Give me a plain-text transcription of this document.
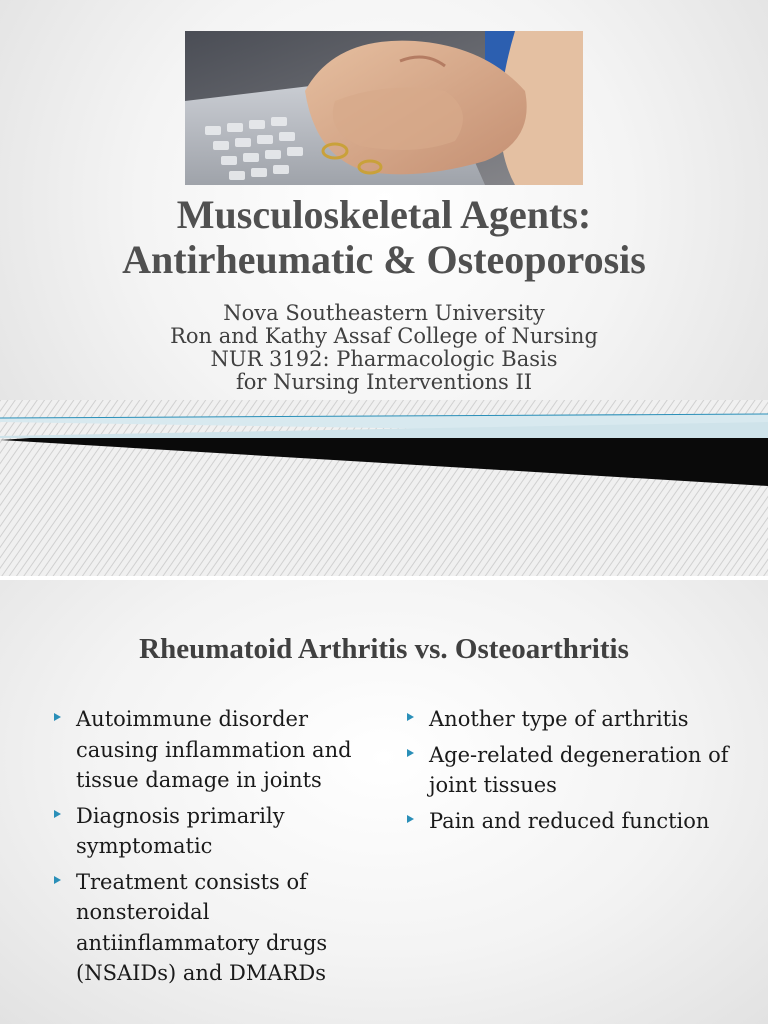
Musculoskeletal Agents:
Antirheumatic & Osteoporosis
Nova Southeastern University
Ron and Kathy Assaf College of Nursing
NUR 3192: Pharmacologic Basis
for Nursing Interventions II
Rheumatoid Arthritis vs. Osteoarthritis
Autoimmune disorder causing inflammation and tissue damage in joints
Diagnosis primarily symptomatic
Treatment consists of nonsteroidal antiinflammatory drugs (NSAIDs) and DMARDs
Another type of arthritis
Age-related degeneration of joint tissues
Pain and reduced function
